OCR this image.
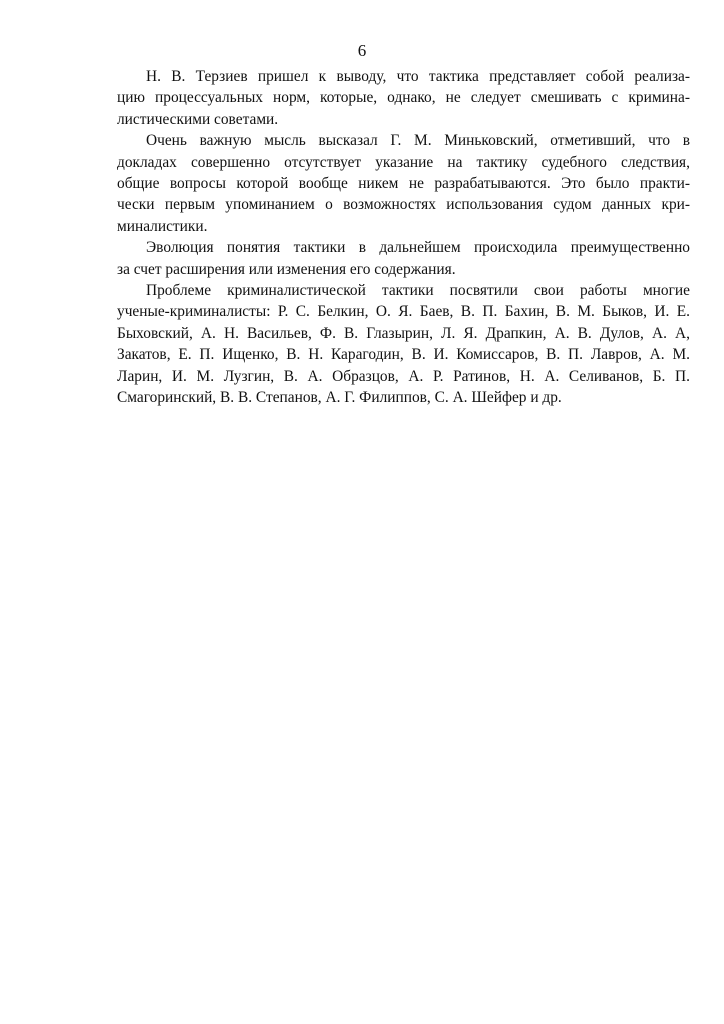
6

Н. В. Терзиев пришел к выводу, что тактика представляет собой реализа-
цию процессуальных норм, которые, однако, не следует смешивать с кримина-
листическими советами.

Очень важную мысль высказал Г. М. Миньковский, отметивший, что в
докладах совершенно отсутствует указание на тактику судебного следствия,
общие вопросы которой вообще никем не разрабатываются. Это было практи-
чески первым упоминанием о возможностях использования судом данных кри-
миналистики.

Эволюция понятия тактики в дальнейшем происходила преимущественно
за счет расширения или изменения его содержания.

Проблеме криминалистической тактики посвятили свои работы многие
ученые-криминалисты: Р. С. Белкин, О. Я. Баев, В. П. Бахин, В. М. Быков, И. Е.
Быховский, А. Н. Васильев, Ф. В. Глазырин, Л. Я. Драпкин, А. В. Дулов, А. А,
Закатов, Е. П. Ищенко, В. Н. Карагодин, В. И. Комиссаров, В. П. Лавров, А. М.
Ларин, И. М. Лузгин, В. А. Образцов, А. Р. Ратинов, Н. А. Селиванов, Б. П.
Смагоринский, В. В. Степанов, А. Г. Филиппов, С. А. Шейфер и др.
